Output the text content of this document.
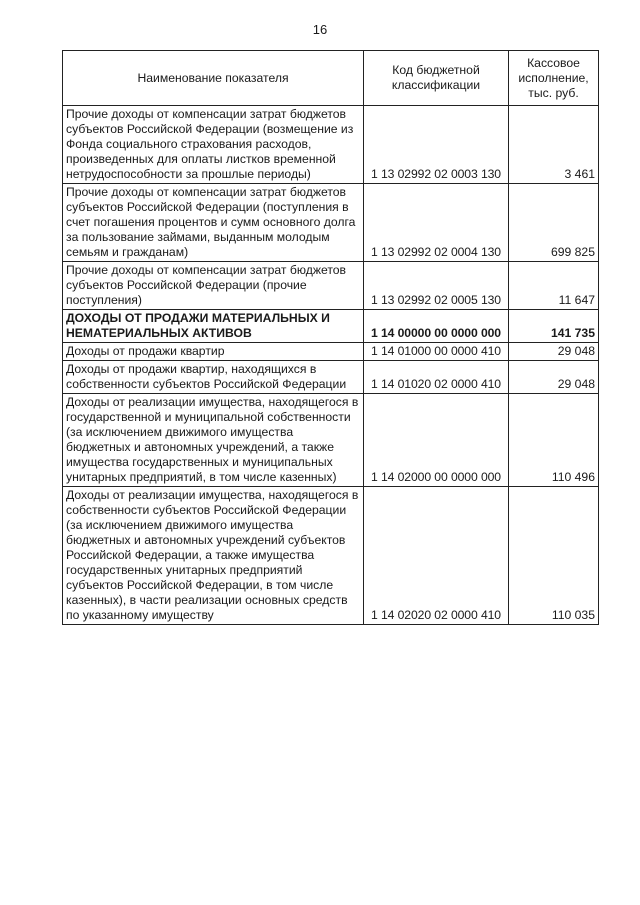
16
Наименование показателя	Код бюджетной классификации	Кассовое исполнение, тыс. руб.
Прочие доходы от компенсации затрат бюджетов субъектов Российской Федерации (возмещение из Фонда социального страхования расходов, произведенных для оплаты листков временной нетрудоспособности за прошлые периоды)	1 13 02992 02 0003 130	3 461
Прочие доходы от компенсации затрат бюджетов субъектов Российской Федерации (поступления в счет погашения процентов и сумм основного долга за пользование займами, выданным молодым семьям и гражданам)	1 13 02992 02 0004 130	699 825
Прочие доходы от компенсации затрат бюджетов субъектов Российской Федерации (прочие поступления)	1 13 02992 02 0005 130	11 647
ДОХОДЫ ОТ ПРОДАЖИ МАТЕРИАЛЬНЫХ И НЕМАТЕРИАЛЬНЫХ АКТИВОВ	1 14 00000 00 0000 000	141 735
Доходы от продажи квартир	1 14 01000 00 0000 410	29 048
Доходы от продажи квартир, находящихся в собственности субъектов Российской Федерации	1 14 01020 02 0000 410	29 048
Доходы от реализации имущества, находящегося в государственной и муниципальной собственности (за исключением движимого имущества бюджетных и автономных учреждений, а также имущества государственных и муниципальных унитарных предприятий, в том числе казенных)	1 14 02000 00 0000 000	110 496
Доходы от реализации имущества, находящегося в собственности субъектов Российской Федерации (за исключением движимого имущества бюджетных и автономных учреждений субъектов Российской Федерации, а также имущества государственных унитарных предприятий субъектов Российской Федерации, в том числе казенных), в части реализации основных средств по указанному имуществу	1 14 02020 02 0000 410	110 035
